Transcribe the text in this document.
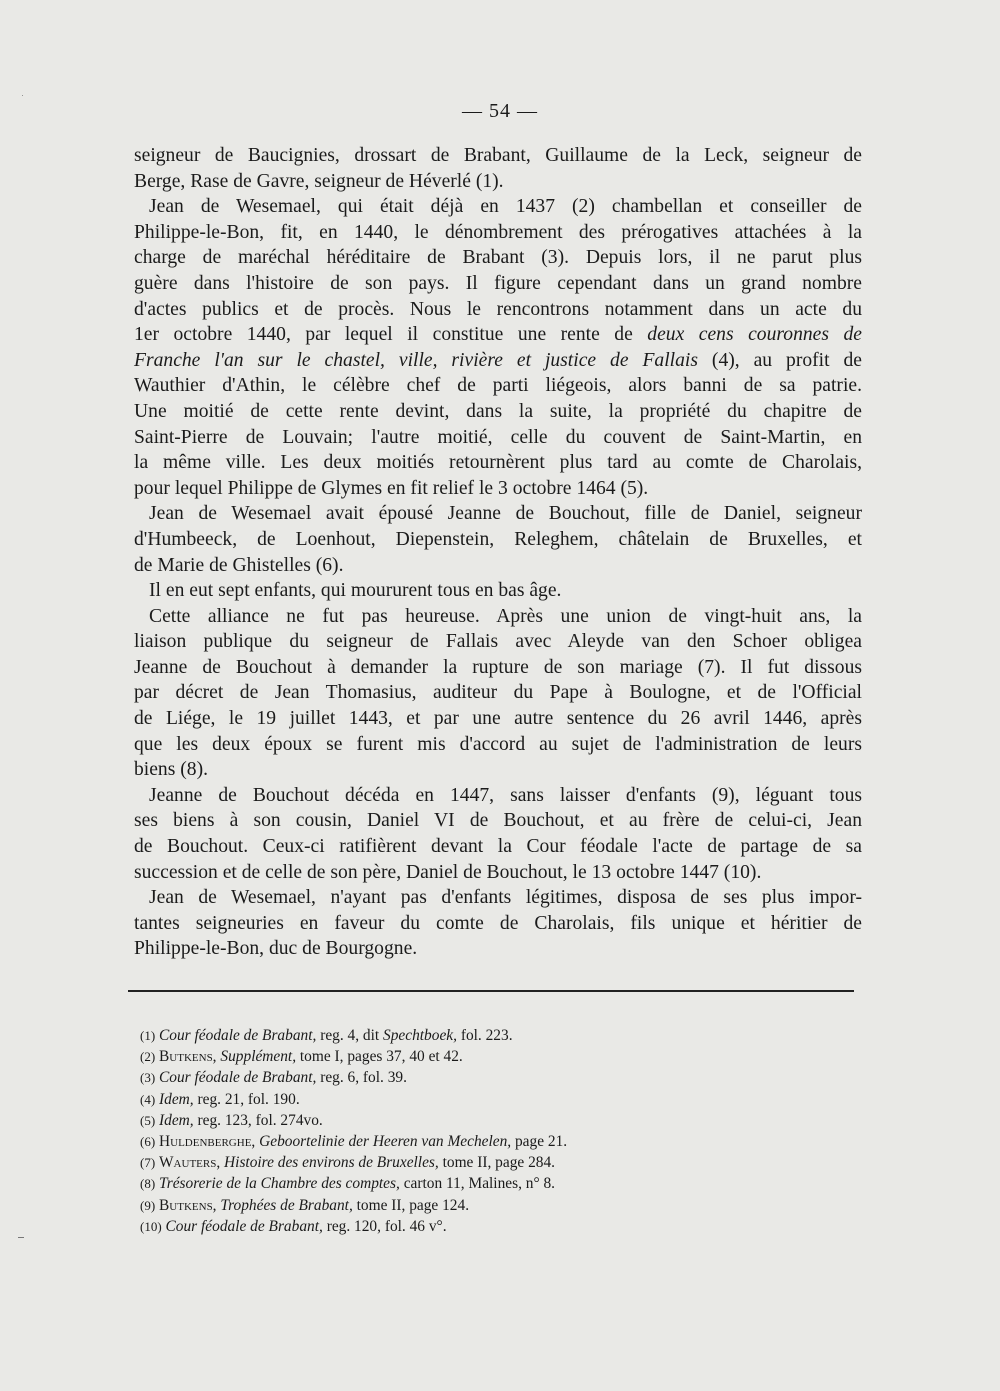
— 54 —
seigneur de Baucignies, drossart de Brabant, Guillaume de la Leck, seigneur de
Berge, Rase de Gavre, seigneur de Héverlé (1).
Jean de Wesemael, qui était déjà en 1437 (2) chambellan et conseiller de
Philippe-le-Bon, fit, en 1440, le dénombrement des prérogatives attachées à la
charge de maréchal héréditaire de Brabant (3). Depuis lors, il ne parut plus
guère dans l'histoire de son pays. Il figure cependant dans un grand nombre
d'actes publics et de procès. Nous le rencontrons notamment dans un acte du
1er octobre 1440, par lequel il constitue une rente de deux cens couronnes de
Franche l'an sur le chastel, ville, rivière et justice de Fallais (4), au profit de
Wauthier d'Athin, le célèbre chef de parti liégeois, alors banni de sa patrie.
Une moitié de cette rente devint, dans la suite, la propriété du chapitre de
Saint-Pierre de Louvain; l'autre moitié, celle du couvent de Saint-Martin, en
la même ville. Les deux moitiés retournèrent plus tard au comte de Charolais,
pour lequel Philippe de Glymes en fit relief le 3 octobre 1464 (5).
Jean de Wesemael avait épousé Jeanne de Bouchout, fille de Daniel, seigneur
d'Humbeeck, de Loenhout, Diepenstein, Releghem, châtelain de Bruxelles, et
de Marie de Ghistelles (6).
Il en eut sept enfants, qui moururent tous en bas âge.
Cette alliance ne fut pas heureuse. Après une union de vingt-huit ans, la
liaison publique du seigneur de Fallais avec Aleyde van den Schoer obligea
Jeanne de Bouchout à demander la rupture de son mariage (7). Il fut dissous
par décret de Jean Thomasius, auditeur du Pape à Boulogne, et de l'Official
de Liége, le 19 juillet 1443, et par une autre sentence du 26 avril 1446, après
que les deux époux se furent mis d'accord au sujet de l'administration de leurs
biens (8).
Jeanne de Bouchout décéda en 1447, sans laisser d'enfants (9), léguant tous
ses biens à son cousin, Daniel VI de Bouchout, et au frère de celui-ci, Jean
de Bouchout. Ceux-ci ratifièrent devant la Cour féodale l'acte de partage de sa
succession et de celle de son père, Daniel de Bouchout, le 13 octobre 1447 (10).
Jean de Wesemael, n'ayant pas d'enfants légitimes, disposa de ses plus impor-
tantes seigneuries en faveur du comte de Charolais, fils unique et héritier de
Philippe-le-Bon, duc de Bourgogne.
(1) Cour féodale de Brabant, reg. 4, dit Spechtboek, fol. 223.
(2) Butkens, Supplément, tome I, pages 37, 40 et 42.
(3) Cour féodale de Brabant, reg. 6, fol. 39.
(4) Idem, reg. 21, fol. 190.
(5) Idem, reg. 123, fol. 274vo.
(6) Huldenberghe, Geboortelinie der Heeren van Mechelen, page 21.
(7) Wauters, Histoire des environs de Bruxelles, tome II, page 284.
(8) Trésorerie de la Chambre des comptes, carton 11, Malines, n° 8.
(9) Butkens, Trophées de Brabant, tome II, page 124.
(10) Cour féodale de Brabant, reg. 120, fol. 46 v°.
